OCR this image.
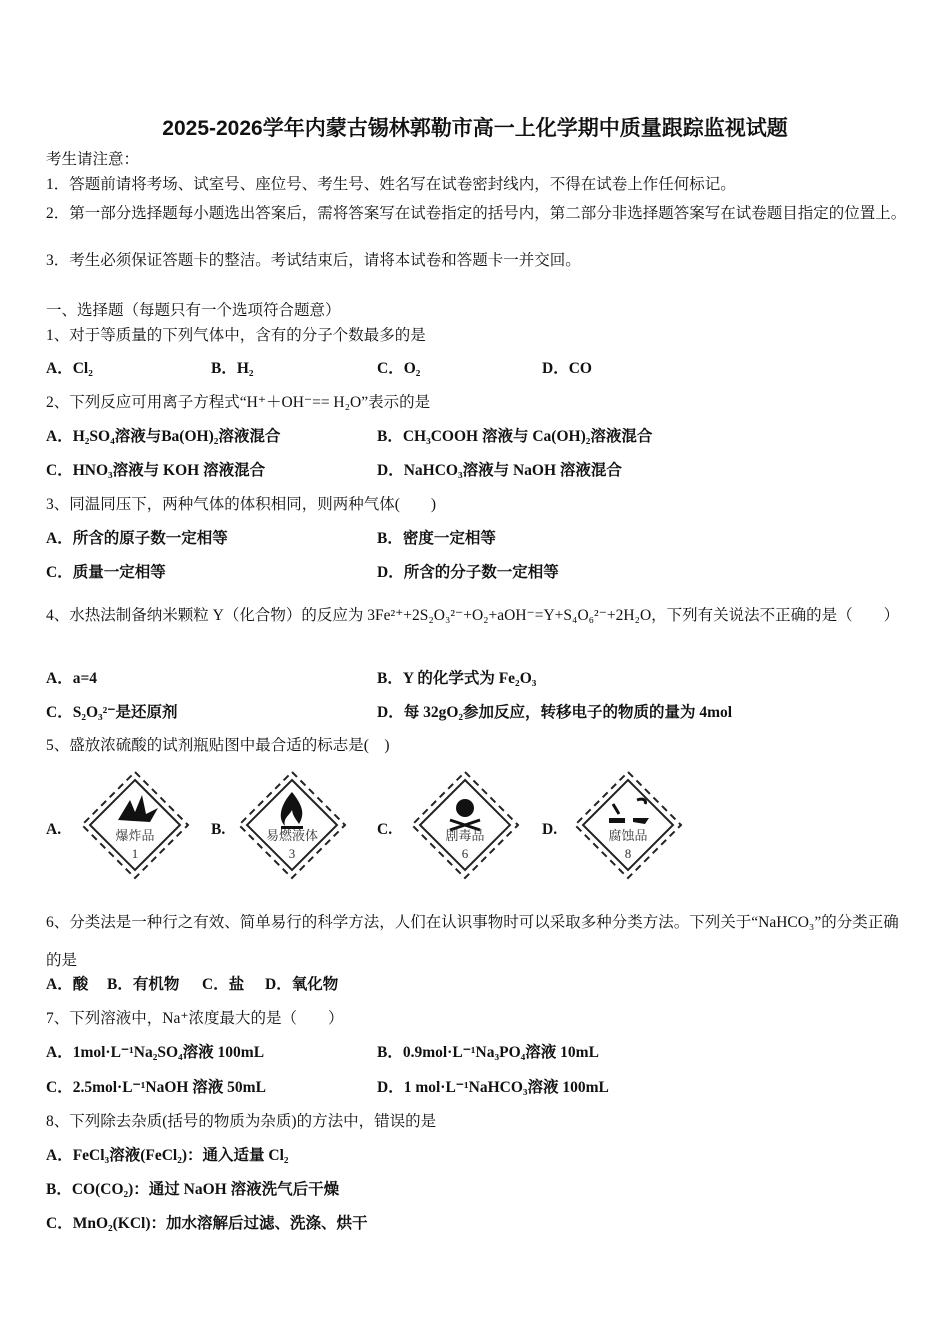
2025-2026学年内蒙古锡林郭勒市高一上化学期中质量跟踪监视试题
考生请注意：
1．答题前请将考场、试室号、座位号、考生号、姓名写在试卷密封线内，不得在试卷上作任何标记。
2．第一部分选择题每小题选出答案后，需将答案写在试卷指定的括号内，第二部分非选择题答案写在试卷题目指定的位置上。
3．考生必须保证答题卡的整洁。考试结束后，请将本试卷和答题卡一并交回。
一、选择题（每题只有一个选项符合题意）
1、对于等质量的下列气体中，含有的分子个数最多的是
A．Cl₂	B．H₂	C．O₂	D．CO
2、下列反应可用离子方程式“H⁺＋OH⁻== H₂O”表示的是
A．H₂SO₄溶液与Ba(OH)₂溶液混合	B．CH₃COOH 溶液与 Ca(OH)₂溶液混合
C．HNO₃溶液与 KOH 溶液混合	D．NaHCO₃溶液与 NaOH 溶液混合
3、同温同压下，两种气体的体积相同，则两种气体(　　)
A．所含的原子数一定相等	B．密度一定相等
C．质量一定相等	D．所含的分子数一定相等
4、水热法制备纳米颗粒 Y（化合物）的反应为 3Fe²⁺+2S₂O₃²⁻+O₂+aOH⁻=Y+S₄O₆²⁻+2H₂O，下列有关说法不正确的是（　　）
A．a=4	B．Y 的化学式为 Fe₂O₃
C．S₂O₃²⁻是还原剂	D．每 32gO₂参加反应，转移电子的物质的量为 4mol
5、盛放浓硫酸的试剂瓶贴图中最合适的标志是(　)
A.	爆炸品
1
B.	易燃液体
3
C.	剧毒品
6
D.	腐蚀品
8
6、分类法是一种行之有效、简单易行的科学方法，人们在认识事物时可以采取多种分类方法。下列关于“NaHCO₃”的分类正确的是
A．酸 B．有机物 C．盐 D．氧化物
7、下列溶液中，Na⁺浓度最大的是（　　）
A．1mol·L⁻¹Na₂SO₄溶液 100mL	B．0.9mol·L⁻¹Na₃PO₄溶液 10mL
C．2.5mol·L⁻¹NaOH 溶液 50mL	D．1 mol·L⁻¹NaHCO₃溶液 100mL
8、下列除去杂质(括号的物质为杂质)的方法中，错误的是
A．FeCl₃溶液(FeCl₂)：通入适量 Cl₂
B．CO(CO₂)：通过 NaOH 溶液洗气后干燥
C．MnO₂(KCl)：加水溶解后过滤、洗涤、烘干
